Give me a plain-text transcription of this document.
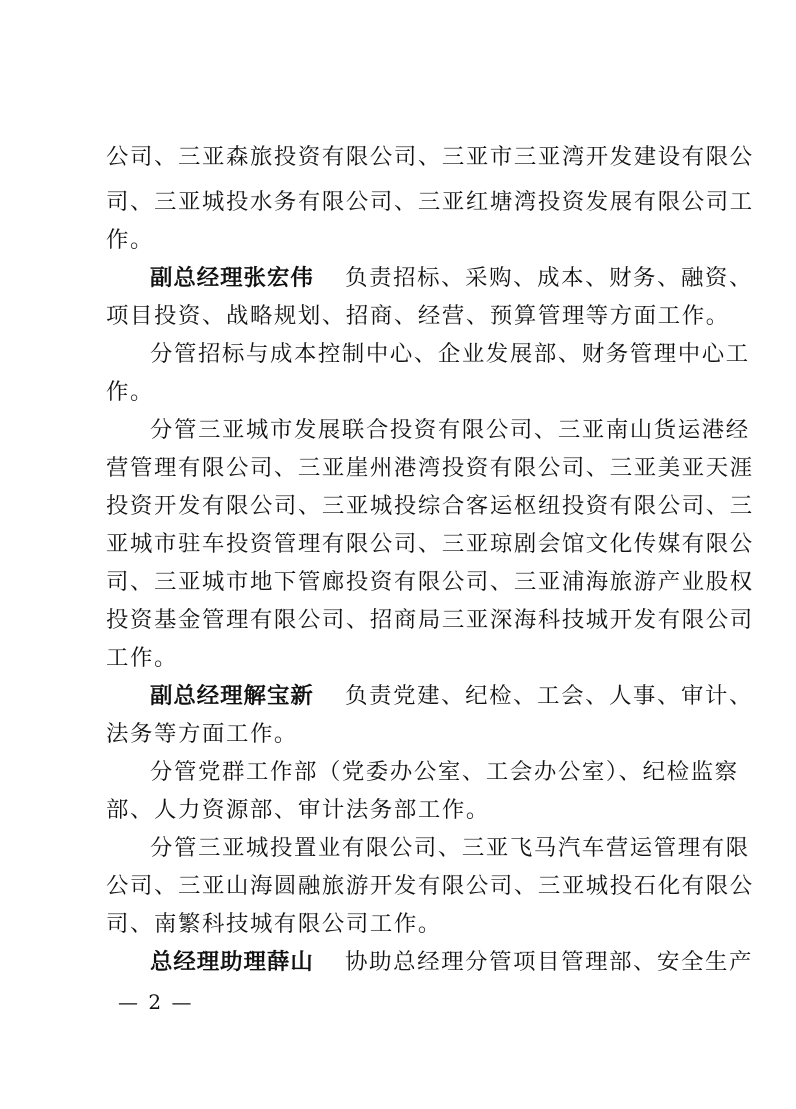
公司、三亚森旅投资有限公司、三亚市三亚湾开发建设有限公
司、三亚城投水务有限公司、三亚红塘湾投资发展有限公司工
作。
副总经理张宏伟 负责招标、采购、成本、财务、融资、
项目投资、战略规划、招商、经营、预算管理等方面工作。
分管招标与成本控制中心、企业发展部、财务管理中心工
作。
分管三亚城市发展联合投资有限公司、三亚南山货运港经
营管理有限公司、三亚崖州港湾投资有限公司、三亚美亚天涯
投资开发有限公司、三亚城投综合客运枢纽投资有限公司、三
亚城市驻车投资管理有限公司、三亚琼剧会馆文化传媒有限公
司、三亚城市地下管廊投资有限公司、三亚浦海旅游产业股权
投资基金管理有限公司、招商局三亚深海科技城开发有限公司
工作。
副总经理解宝新 负责党建、纪检、工会、人事、审计、
法务等方面工作。
分管党群工作部（党委办公室、工会办公室）、纪检监察
部、人力资源部、审计法务部工作。
分管三亚城投置业有限公司、三亚飞马汽车营运管理有限
公司、三亚山海圆融旅游开发有限公司、三亚城投石化有限公
司、南繁科技城有限公司工作。
总经理助理薛山 协助总经理分管项目管理部、安全生产
— 2 —
